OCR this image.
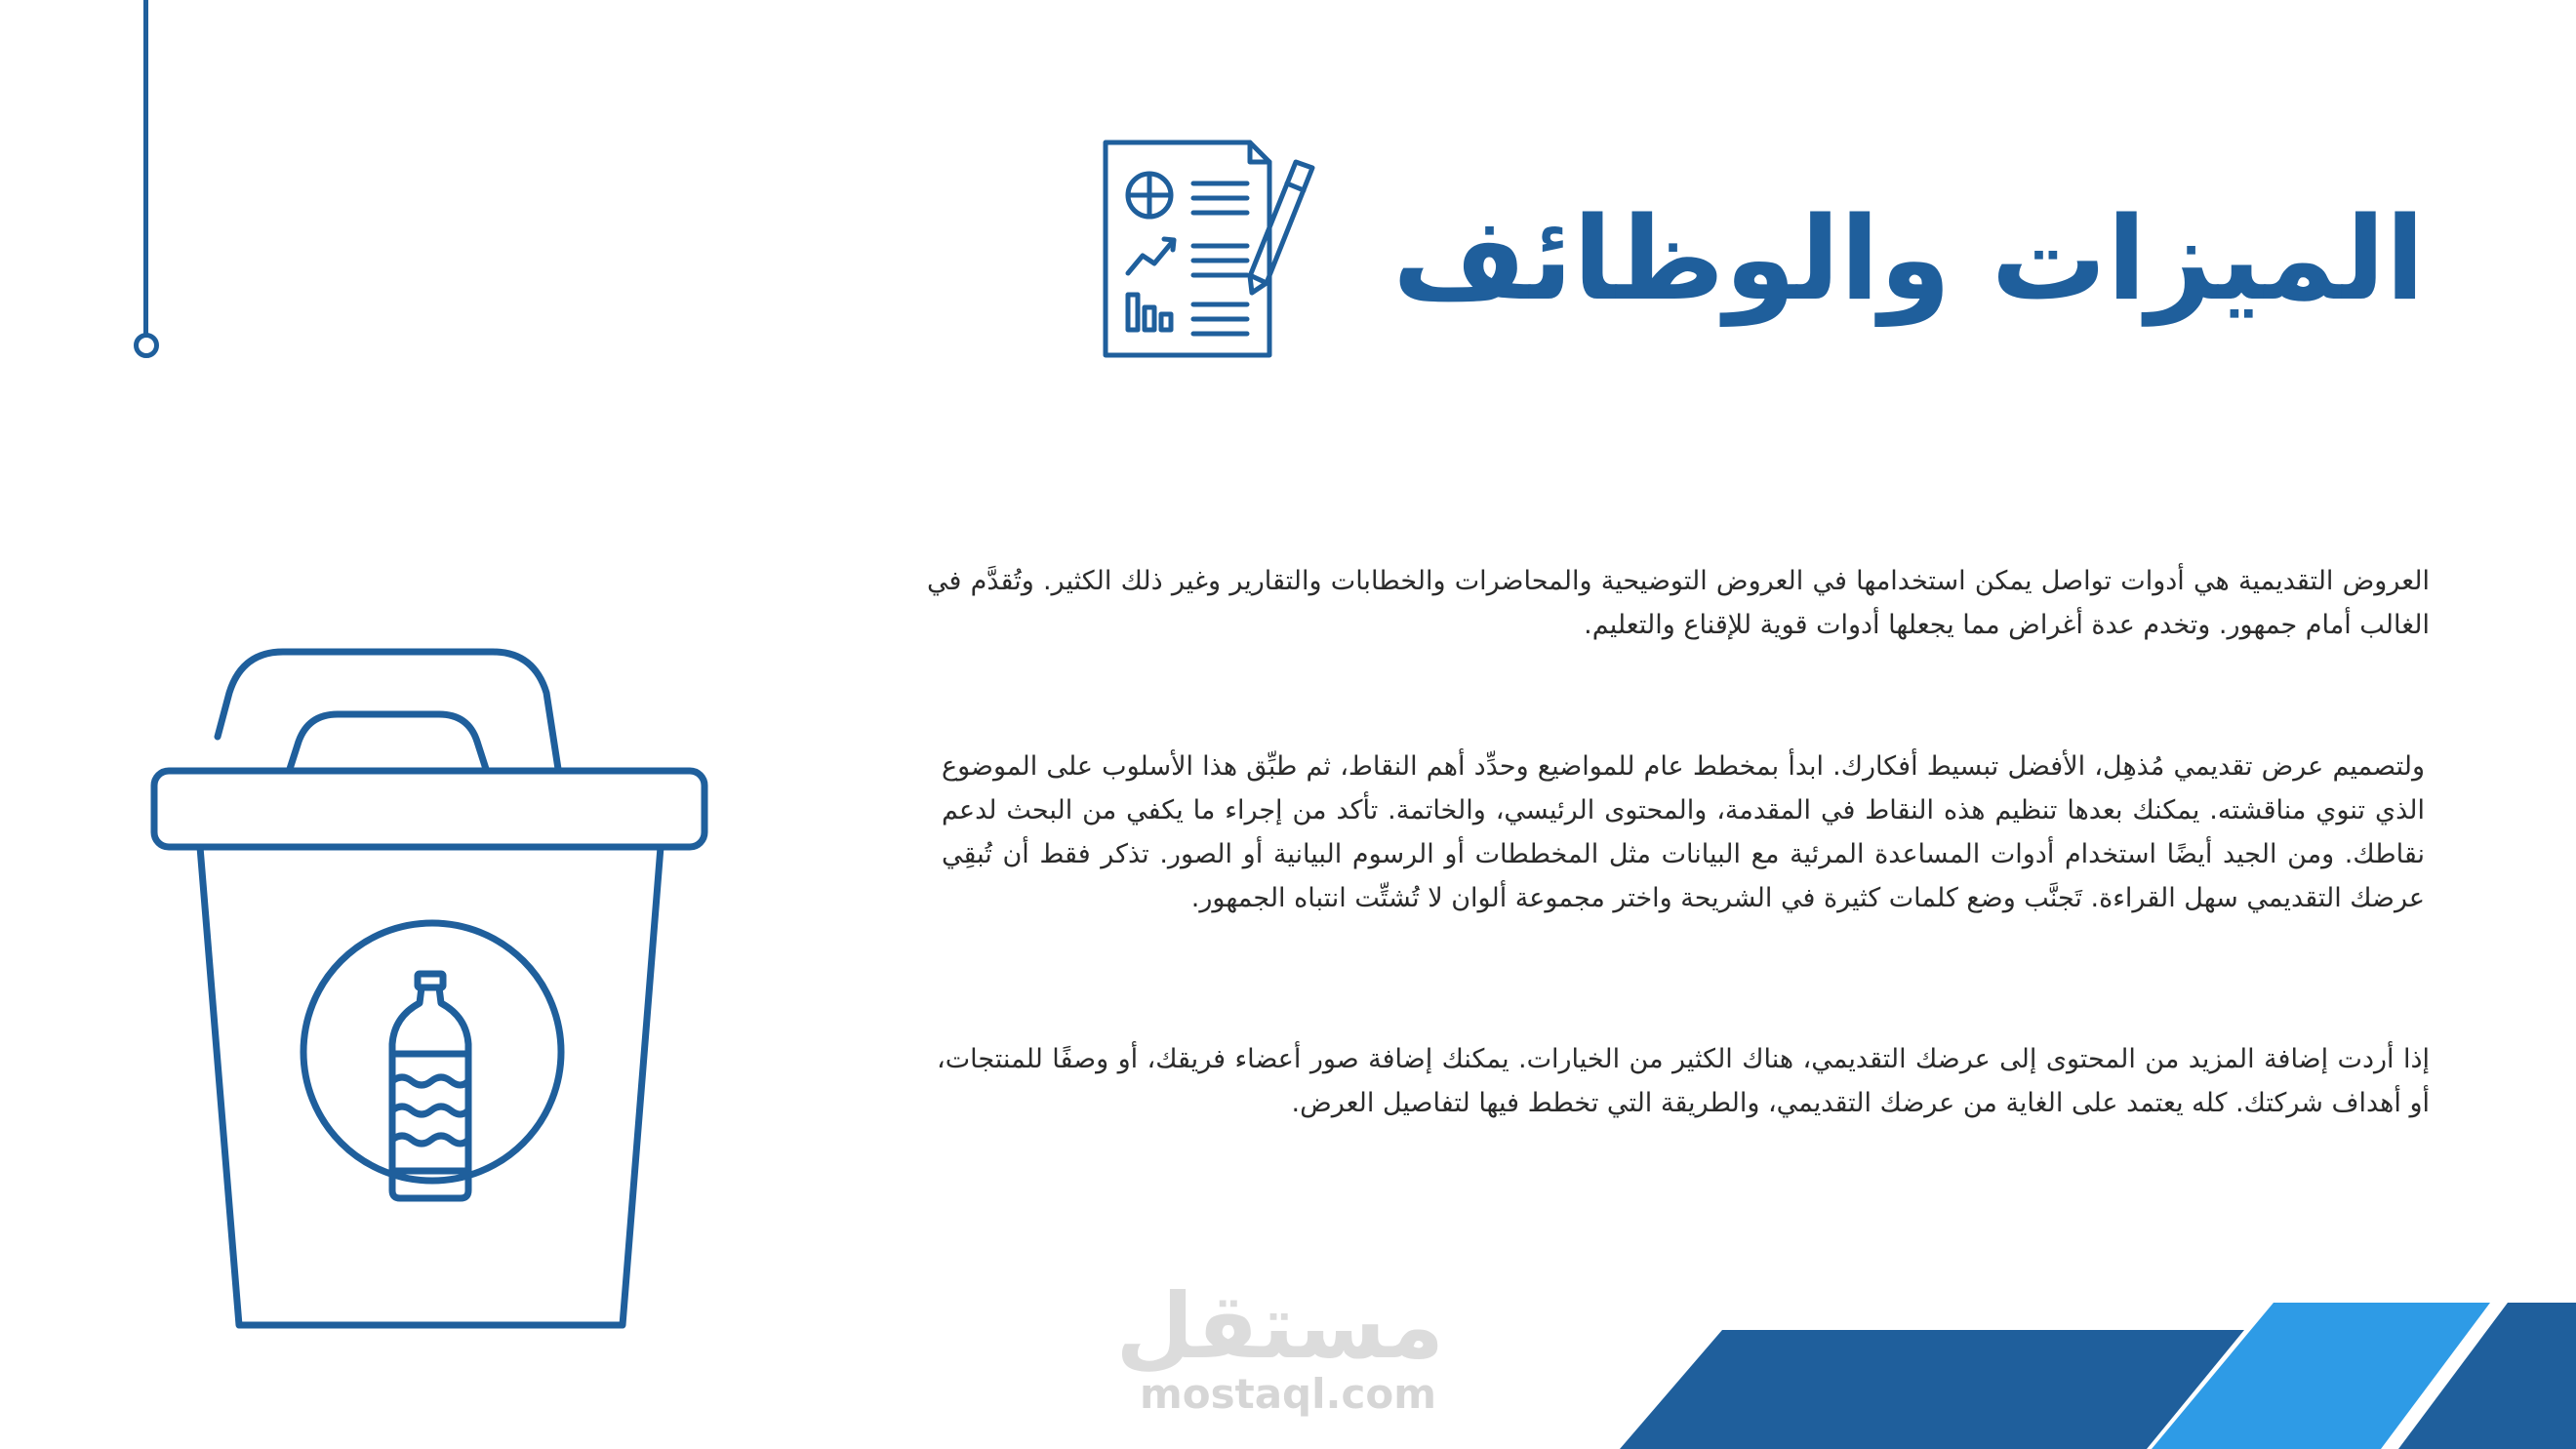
الميزات والوظائف
العروض التقديمية هي أدوات تواصل يمكن استخدامها في العروض التوضيحية والمحاضرات والخطابات والتقارير وغير ذلك الكثير. وتُقدَّم في الغالب أمام جمهور. وتخدم عدة أغراض مما يجعلها أدوات قوية للإقناع والتعليم.
ولتصميم عرض تقديمي مُذهِل، الأفضل تبسيط أفكارك. ابدأ بمخطط عام للمواضيع وحدِّد أهم النقاط، ثم طبِّق هذا الأسلوب على الموضوع الذي تنوي مناقشته. يمكنك بعدها تنظيم هذه النقاط في المقدمة، والمحتوى الرئيسي، والخاتمة. تأكد من إجراء ما يكفي من البحث لدعم نقاطك. ومن الجيد أيضًا استخدام أدوات المساعدة المرئية مع البيانات مثل المخططات أو الرسوم البيانية أو الصور. تذكر فقط أن تُبقِي عرضك التقديمي سهل القراءة. تَجنَّب وضع كلمات كثيرة في الشريحة واختر مجموعة ألوان لا تُشتِّت انتباه الجمهور.
إذا أردت إضافة المزيد من المحتوى إلى عرضك التقديمي، هناك الكثير من الخيارات. يمكنك إضافة صور أعضاء فريقك، أو وصفًا للمنتجات، أو أهداف شركتك. كله يعتمد على الغاية من عرضك التقديمي، والطريقة التي تخطط فيها لتفاصيل العرض.
مستقل
mostaql.com
